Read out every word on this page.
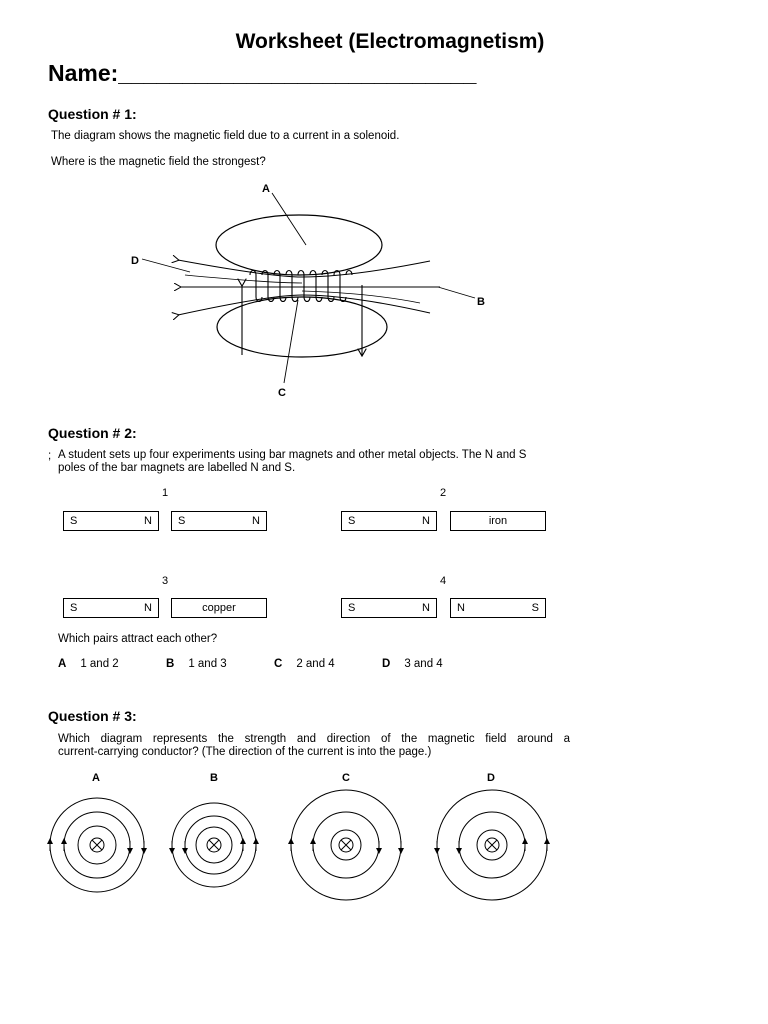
Worksheet (Electromagnetism)
Name:____________________________
Question # 1:
The diagram shows the magnetic field due to a current in a solenoid.
Where is the magnetic field the strongest?
A
D
B
C
Question # 2:
; A student sets up four experiments using bar magnets and other metal objects. The N and S
poles of the bar magnets are labelled N and S.
1
S	N S	N
2
S	N	iron
3
S	N	copper
4
S	N N	S
Which pairs attract each other?
A 1 and 2	B 1 and 3	C 2 and 4	D 3 and 4
Question # 3:
Which diagram represents the strength and direction of the magnetic field around a
current-carrying conductor? (The direction of the current is into the page.)
A	B	C	D
